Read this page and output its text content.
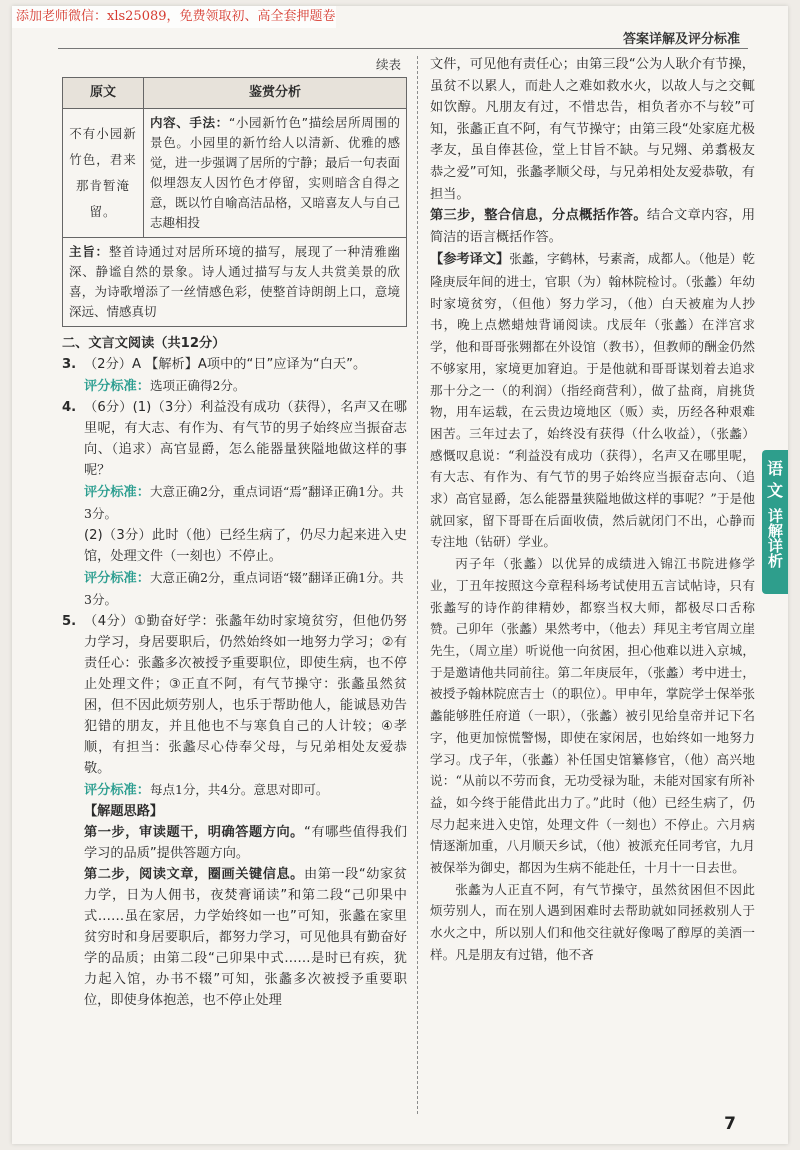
添加老师微信：xls25089，免费领取初、高全套押题卷
答案详解及评分标准
续表
原文	鉴赏分析
不有小园新竹色，君来那肯暂淹留。	内容、手法：“小园新竹色”描绘居所周围的景色。小园里的新竹给人以清新、优雅的感觉，进一步强调了居所的宁静；最后一句表面似埋怨友人因竹色才停留，实则暗含自得之意，既以竹自喻高洁品格，又暗喜友人与自己志趣相投
主旨：整首诗通过对居所环境的描写，展现了一种清雅幽深、静谧自然的景象。诗人通过描写与友人共赏美景的欣喜，为诗歌增添了一丝情感色彩，使整首诗朗朗上口，意境深远、情感真切	
二、文言文阅读（共12分）
3. （2分）A 【解析】A项中的“日”应译为“白天”。
评分标准：选项正确得2分。
4. （6分）(1)（3分）利益没有成功（获得），名声又在哪里呢，有大志、有作为、有气节的男子始终应当振奋志向、（追求）高官显爵，怎么能器量狭隘地做这样的事呢？
评分标准：大意正确2分，重点词语“焉”翻译正确1分。共3分。
(2)（3分）此时（他）已经生病了，仍尽力起来进入史馆，处理文件（一刻也）不停止。
评分标准：大意正确2分，重点词语“辍”翻译正确1分。共3分。
5. （4分）①勤奋好学：张蠡年幼时家境贫穷，但他仍努力学习，身居要职后，仍然始终如一地努力学习；②有责任心：张蠡多次被授予重要职位，即使生病，也不停止处理文件；③正直不阿，有气节操守：张蠡虽然贫困，但不因此烦劳别人，也乐于帮助他人，能诚恳劝告犯错的朋友，并且他也不与寒負自己的人计较；④孝顺，有担当：张蠡尽心侍奉父母，与兄弟相处友爱恭敬。
评分标准：每点1分，共4分。意思对即可。
【解题思路】
第一步，审读题干，明确答题方向。“有哪些值得我们学习的品质”提供答题方向。
第二步，阅读文章，圈画关键信息。由第一段“幼家贫力学，日为人佣书，夜焚膏诵读”和第二段“己卯果中式……虽在家居，力学始终如一也”可知，张蠡在家里贫穷时和身居要职后，都努力学习，可见他具有勤奋好学的品质；由第二段“己卯果中式……是时已有疾，犹力起入馆，办书不辍”可知，张蠡多次被授予重要职位，即使身体抱恙，也不停止处理
文件，可见他有责任心；由第三段“公为人耿介有节操，虽贫不以累人，而赴人之难如救水火，以故人与之交輒如饮醇。凡朋友有过，不惜忠告，相负者亦不与较”可知，张蠡正直不阿，有气节操守；由第三段“处家庭尤极孝友，虽自俸甚俭，堂上甘旨不缺。与兄翙、弟翥极友恭之爱”可知，张蠡孝顺父母，与兄弟相处友爱恭敬，有担当。
第三步，整合信息，分点概括作答。结合文章内容，用简洁的语言概括作答。
【参考译文】张蠡，字鹤林，号素斋，成都人。（他是）乾隆庚辰年间的进士，官职（为）翰林院检讨。（张蠡）年幼时家境贫穷，（但他）努力学习，（他）白天被雇为人抄书，晚上点燃蜡烛背诵阅读。戊辰年（张蠡）在泮宫求学，他和哥哥张翙都在外设馆（教书），但教师的酬金仍然不够家用，家境更加窘迫。于是他就和哥哥谋划着去追求那十分之一（的利润）（指经商营利），做了盐商，肩挑货物，用车运载，在云贵边境地区（贩）卖，历经各种艰难困苦。三年过去了，始终没有获得（什么收益），（张蠡）感慨叹息说：“利益没有成功（获得），名声又在哪里呢，有大志、有作为、有气节的男子始终应当振奋志向、（追求）高官显爵，怎么能器量狭隘地做这样的事呢？”于是他就回家，留下哥哥在后面收债，然后就闭门不出，心静而专注地（钻研）学业。
丙子年（张蠡）以优异的成绩进入锦江书院进修学业，丁丑年按照这今章程科场考试使用五言试帖诗，只有张蠡写的诗作韵律精妙，都察当权大师，都极尽口舌称赞。己卯年（张蠡）果然考中，（他去）拜见主考官周立崖先生，（周立崖）听说他一向贫困，担心他难以进入京城，于是邀请他共同前往。第二年庚辰年，（张蠡）考中进士，被授予翰林院庶吉士（的职位）。甲申年，掌院学士保举张蠡能够胜任府道（一职），（张蠡）被引见给皇帝并记下名字，他更加惊慌警惕，即使在家闲居，也始终如一地努力学习。戊子年，（张蠡）补任国史馆纂修官，（他）高兴地说：“从前以不劳而食，无功受禄为耻，未能对国家有所补益，如今终于能借此出力了。”此时（他）已经生病了，仍尽力起来进入史馆，处理文件（一刻也）不停止。六月病情逐渐加重，八月顺天乡试，（他）被派充任同考官，九月被保举为御史，都因为生病不能赴任，十月十一日去世。
张蠡为人正直不阿，有气节操守，虽然贫困但不因此烦劳别人，而在别人遇到困难时去帮助就如同拯救别人于水火之中，所以别人们和他交往就好像喝了醇厚的美酒一样。凡是朋友有过错，他不吝
语
文
详解详析
7
